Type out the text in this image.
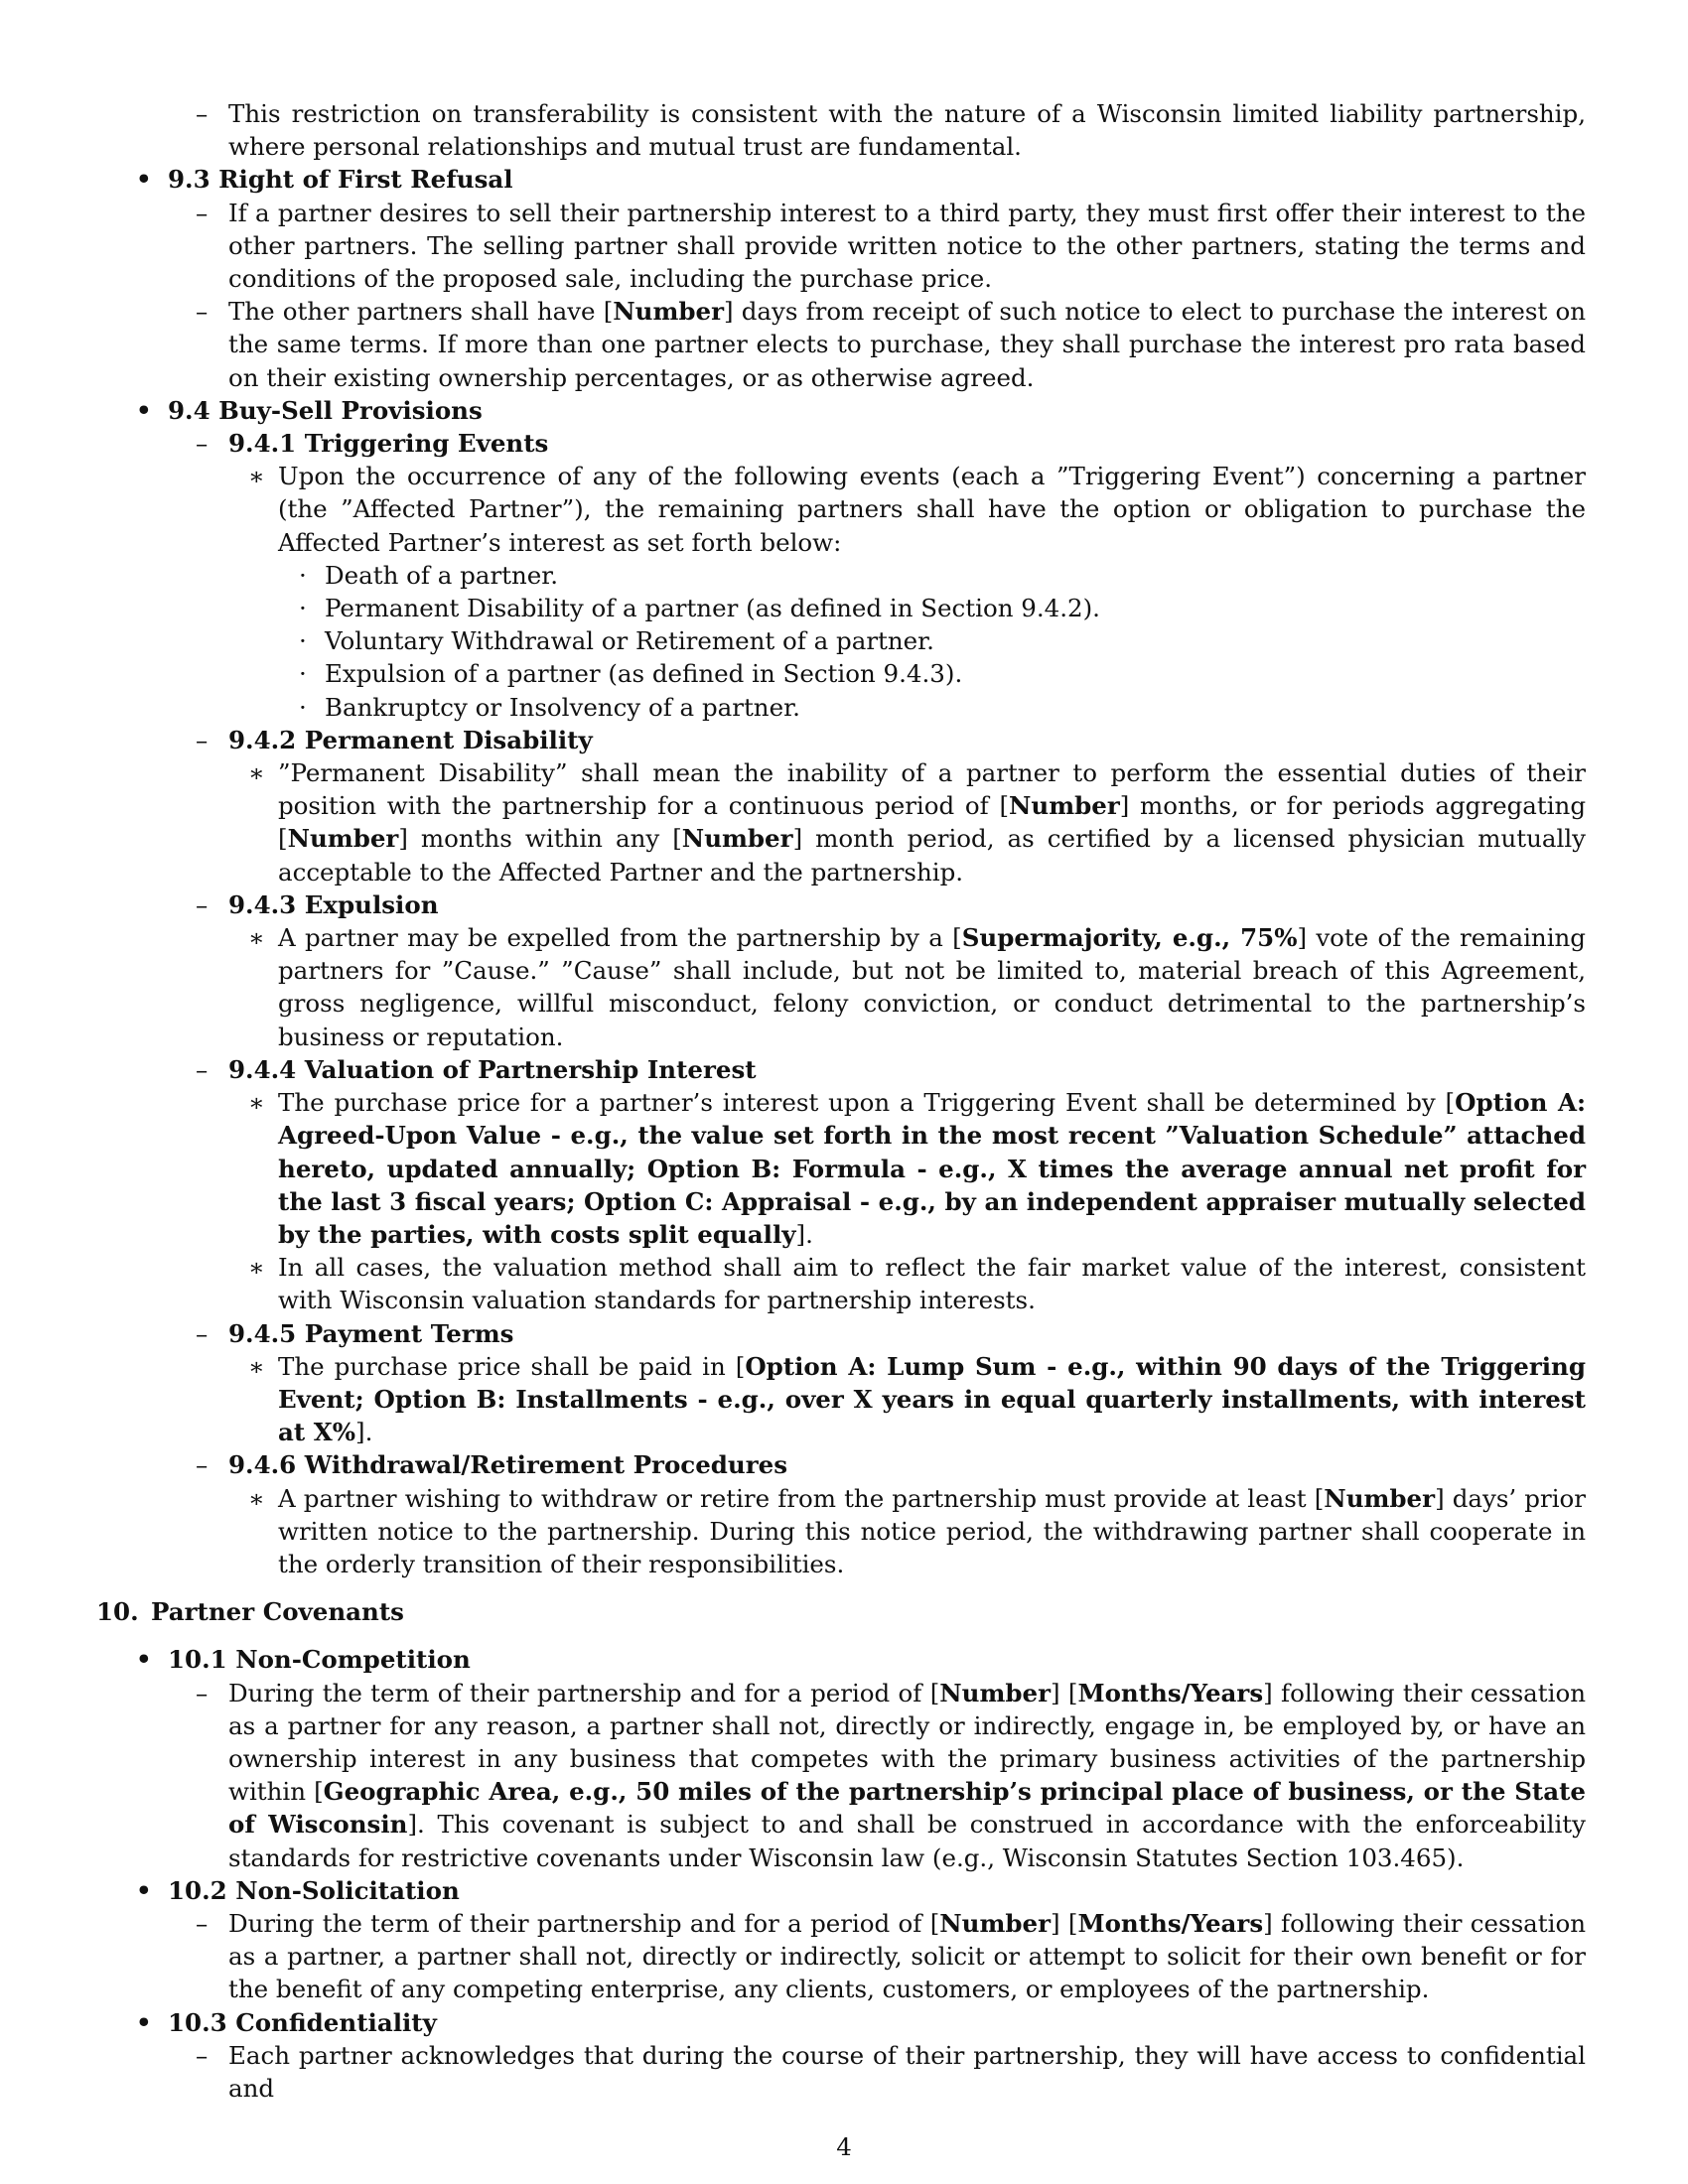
– This restriction on transferability is consistent with the nature of a Wisconsin limited liability partnership, where personal relationships and mutual trust are fundamental.

• 9.3 Right of First Refusal

– If a partner desires to sell their partnership interest to a third party, they must first offer their interest to the other partners. The selling partner shall provide written notice to the other partners, stating the terms and conditions of the proposed sale, including the purchase price.

– The other partners shall have [Number] days from receipt of such notice to elect to purchase the interest on the same terms. If more than one partner elects to purchase, they shall purchase the interest pro rata based on their existing ownership percentages, or as otherwise agreed.

• 9.4 Buy-Sell Provisions

– 9.4.1 Triggering Events

∗ Upon the occurrence of any of the following events (each a ”Triggering Event”) concerning a partner (the ”Affected Partner”), the remaining partners shall have the option or obligation to purchase the Affected Partner’s interest as set forth below:

· Death of a partner.

· Permanent Disability of a partner (as defined in Section 9.4.2).

· Voluntary Withdrawal or Retirement of a partner.

· Expulsion of a partner (as defined in Section 9.4.3).

· Bankruptcy or Insolvency of a partner.

– 9.4.2 Permanent Disability

∗ ”Permanent Disability” shall mean the inability of a partner to perform the essential duties of their position with the partnership for a continuous period of [Number] months, or for periods aggregating [Number] months within any [Number] month period, as certified by a licensed physician mutually acceptable to the Affected Partner and the partnership.

– 9.4.3 Expulsion

∗ A partner may be expelled from the partnership by a [Supermajority, e.g., 75%] vote of the remaining partners for ”Cause.” ”Cause” shall include, but not be limited to, material breach of this Agreement, gross negligence, willful misconduct, felony conviction, or conduct detrimental to the partnership’s business or reputation.

– 9.4.4 Valuation of Partnership Interest

∗ The purchase price for a partner’s interest upon a Triggering Event shall be determined by [Option A: Agreed-Upon Value - e.g., the value set forth in the most recent ”Valuation Schedule” attached hereto, updated annually; Option B: Formula - e.g., X times the average annual net profit for the last 3 fiscal years; Option C: Appraisal - e.g., by an independent appraiser mutually selected by the parties, with costs split equally].

∗ In all cases, the valuation method shall aim to reflect the fair market value of the interest, consistent with Wisconsin valuation standards for partnership interests.

– 9.4.5 Payment Terms

∗ The purchase price shall be paid in [Option A: Lump Sum - e.g., within 90 days of the Triggering Event; Option B: Installments - e.g., over X years in equal quarterly installments, with interest at X%].

– 9.4.6 Withdrawal/Retirement Procedures

∗ A partner wishing to withdraw or retire from the partnership must provide at least [Number] days’ prior written notice to the partnership. During this notice period, the withdrawing partner shall cooperate in the orderly transition of their responsibilities.

10. Partner Covenants

• 10.1 Non-Competition

– During the term of their partnership and for a period of [Number] [Months/Years] following their cessation as a partner for any reason, a partner shall not, directly or indirectly, engage in, be employed by, or have an ownership interest in any business that competes with the primary business activities of the partnership within [Geographic Area, e.g., 50 miles of the partnership’s principal place of business, or the State of Wisconsin]. This covenant is subject to and shall be construed in accordance with the enforceability standards for restrictive covenants under Wisconsin law (e.g., Wisconsin Statutes Section 103.465).

• 10.2 Non-Solicitation

– During the term of their partnership and for a period of [Number] [Months/Years] following their cessation as a partner, a partner shall not, directly or indirectly, solicit or attempt to solicit for their own benefit or for the benefit of any competing enterprise, any clients, customers, or employees of the partnership.

• 10.3 Confidentiality

– Each partner acknowledges that during the course of their partnership, they will have access to confidential and

4
